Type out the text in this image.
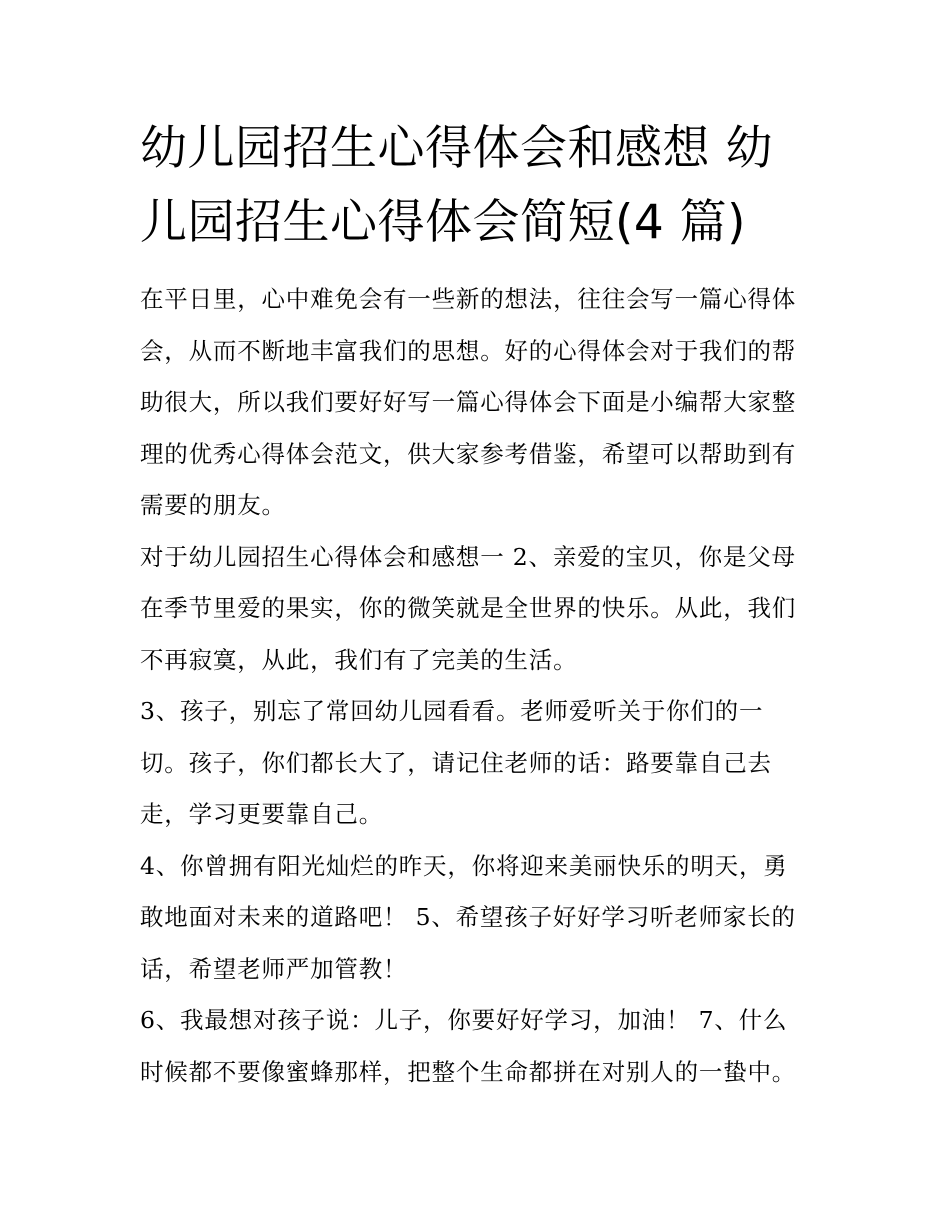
幼儿园招生心得体会和感想 幼
儿园招生心得体会简短(4 篇)

在平日里，心中难免会有一些新的想法，往往会写一篇心得体
会，从而不断地丰富我们的思想。好的心得体会对于我们的帮
助很大，所以我们要好好写一篇心得体会下面是小编帮大家整
理的优秀心得体会范文，供大家参考借鉴，希望可以帮助到有
需要的朋友。

对于幼儿园招生心得体会和感想一 2、亲爱的宝贝，你是父母
在季节里爱的果实，你的微笑就是全世界的快乐。从此，我们
不再寂寞，从此，我们有了完美的生活。

3、孩子，别忘了常回幼儿园看看。老师爱听关于你们的一
切。孩子，你们都长大了，请记住老师的话：路要靠自己去
走，学习更要靠自己。

4、你曾拥有阳光灿烂的昨天，你将迎来美丽快乐的明天，勇
敢地面对未来的道路吧！ 5、希望孩子好好学习听老师家长的
话，希望老师严加管教！

6、我最想对孩子说：儿子，你要好好学习，加油！ 7、什么
时候都不要像蜜蜂那样，把整个生命都拼在对别人的一蛰中。
